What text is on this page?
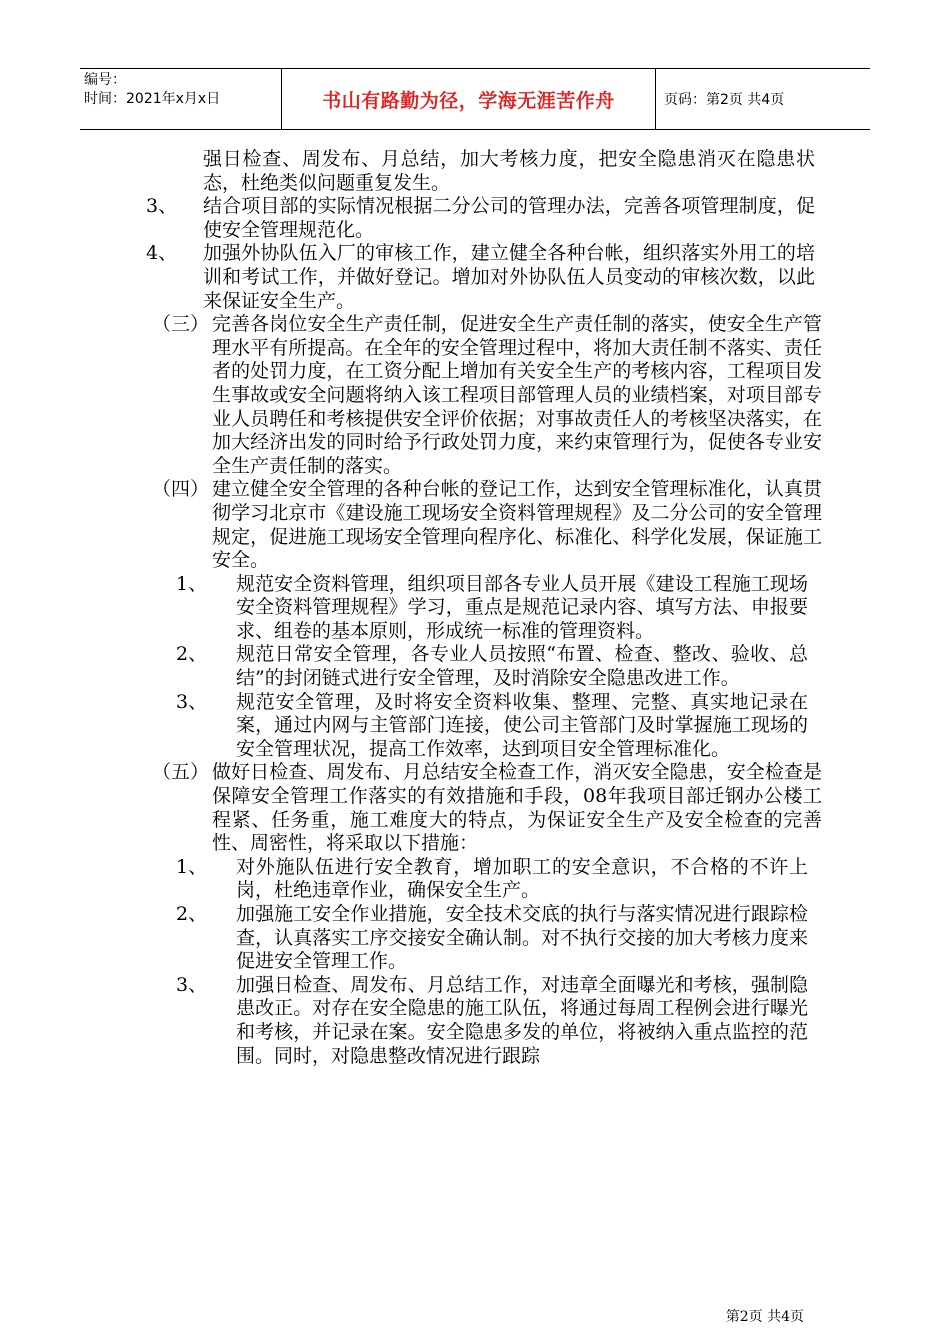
编号：
时间：2021年x月x日	书山有路勤为径，学海无涯苦作舟	页码：第2页 共4页

强日检查、周发布、月总结，加大考核力度，把安全隐患消灭在隐患状态，杜绝类似问题重复发生。

3、 结合项目部的实际情况根据二分公司的管理办法，完善各项管理制度，促使安全管理规范化。

4、 加强外协队伍入厂的审核工作，建立健全各种台帐，组织落实外用工的培训和考试工作，并做好登记。增加对外协队伍人员变动的审核次数，以此来保证安全生产。

（三） 完善各岗位安全生产责任制，促进安全生产责任制的落实，使安全生产管理水平有所提高。在全年的安全管理过程中，将加大责任制不落实、责任者的处罚力度，在工资分配上增加有关安全生产的考核内容，工程项目发生事故或安全问题将纳入该工程项目部管理人员的业绩档案，对项目部专业人员聘任和考核提供安全评价依据；对事故责任人的考核坚决落实，在加大经济出发的同时给予行政处罚力度，来约束管理行为，促使各专业安全生产责任制的落实。

（四） 建立健全安全管理的各种台帐的登记工作，达到安全管理标准化，认真贯彻学习北京市《建设施工现场安全资料管理规程》及二分公司的安全管理规定，促进施工现场安全管理向程序化、标准化、科学化发展，保证施工安全。

1、 规范安全资料管理，组织项目部各专业人员开展《建设工程施工现场安全资料管理规程》学习，重点是规范记录内容、填写方法、申报要求、组卷的基本原则，形成统一标准的管理资料。

2、 规范日常安全管理，各专业人员按照“布置、检查、整改、验收、总结”的封闭链式进行安全管理，及时消除安全隐患改进工作。

3、 规范安全管理，及时将安全资料收集、整理、完整、真实地记录在案，通过内网与主管部门连接，使公司主管部门及时掌握施工现场的安全管理状况，提高工作效率，达到项目安全管理标准化。

（五） 做好日检查、周发布、月总结安全检查工作，消灭安全隐患，安全检查是保障安全管理工作落实的有效措施和手段，08年我项目部迁钢办公楼工程紧、任务重，施工难度大的特点，为保证安全生产及安全检查的完善性、周密性，将采取以下措施：

1、 对外施队伍进行安全教育，增加职工的安全意识，不合格的不许上岗，杜绝违章作业，确保安全生产。

2、 加强施工安全作业措施，安全技术交底的执行与落实情况进行跟踪检查，认真落实工序交接安全确认制。对不执行交接的加大考核力度来促进安全管理工作。

3、 加强日检查、周发布、月总结工作，对违章全面曝光和考核，强制隐患改正。对存在安全隐患的施工队伍，将通过每周工程例会进行曝光和考核，并记录在案。安全隐患多发的单位，将被纳入重点监控的范围。同时，对隐患整改情况进行跟踪

第2页 共4页
